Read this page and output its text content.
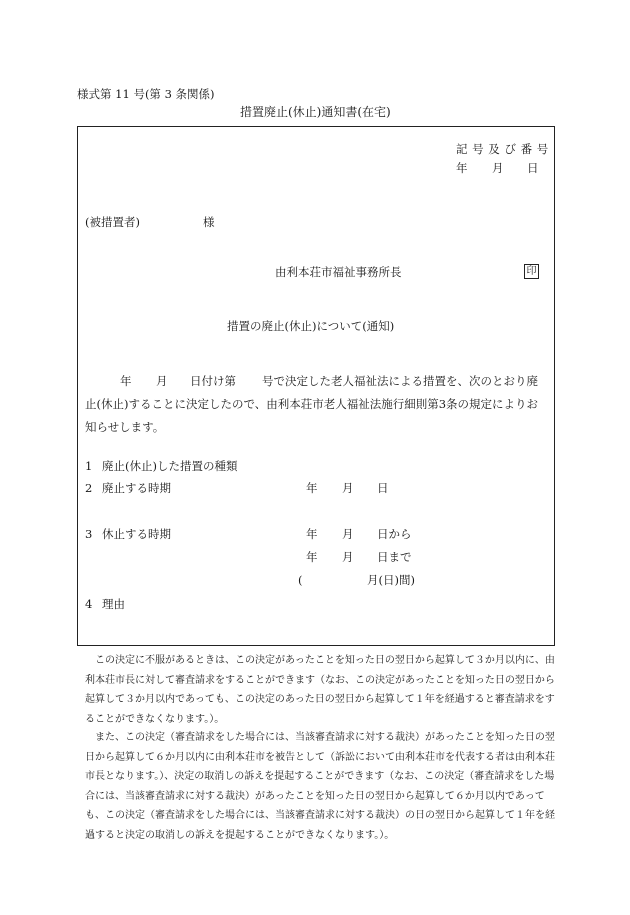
様式第 11 号(第 3 条関係)
措置廃止(休止)通知書(在宅)
記 号 及 び 番 号
年 月 日
(被措置者)	様
由利本荘市福祉事務所長	印
措置の廃止(休止)について(通知)
年 月 日付け第 号で決定した老人福祉法による措置を、次のとおり廃
止(休止)することに決定したので、由利本荘市老人福祉法施行細則第3条の規定によりお
知らせします。
1 廃止(休止)した措置の種類
2 廃止する時期	年 月 日
3 休止する時期	年 月 日から
年 月 日まで
(	月(日)間)
4 理由
この決定に不服があるときは、この決定があったことを知った日の翌日から起算して３か月以内に、由利本荘市長に対して審査請求をすることができます（なお、この決定があったことを知った日の翌日から起算して３か月以内であっても、この決定のあった日の翌日から起算して１年を経過すると審査請求をすることができなくなります。）。
また、この決定（審査請求をした場合には、当該審査請求に対する裁決）があったことを知った日の翌日から起算して６か月以内に由利本荘市を被告として（訴訟において由利本荘市を代表する者は由利本荘市長となります。）、決定の取消しの訴えを提起することができます（なお、この決定（審査請求をした場合には、当該審査請求に対する裁決）があったことを知った日の翌日から起算して６か月以内であっても、この決定（審査請求をした場合には、当該審査請求に対する裁決）の日の翌日から起算して１年を経過すると決定の取消しの訴えを提起することができなくなります。）。
